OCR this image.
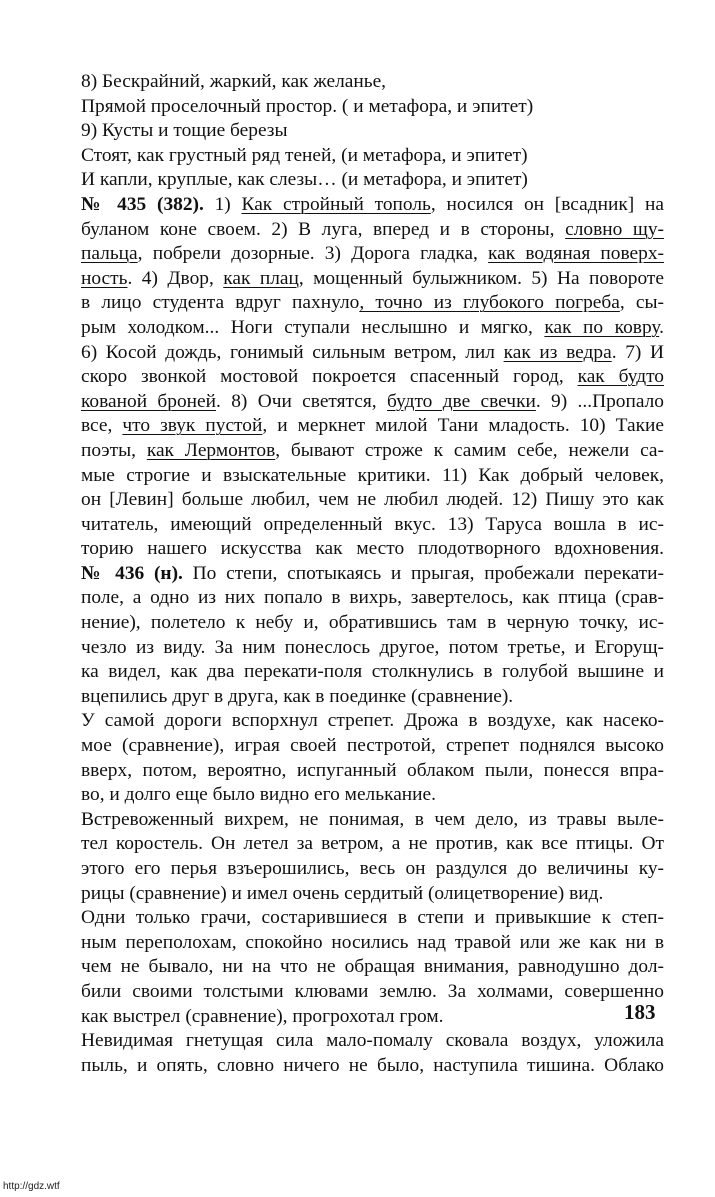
8) Бескрайний, жаркий, как желанье,
Прямой проселочный простор. ( и метафора, и эпитет)
9) Кусты и тощие березы
Стоят, как грустный ряд теней, (и метафора, и эпитет)
И капли, круплые, как слезы… (и метафора, и эпитет)
№ 435 (382). 1) Как стройный тополь, носился он [всадник] на
буланом коне своем. 2) В луга, вперед и в стороны, словно щу-
пальца, побрели дозорные. 3) Дорога гладка, как водяная поверх-
ность. 4) Двор, как плац, мощенный булыжником. 5) На повороте
в лицо студента вдруг пахнуло, точно из глубокого погреба, сы-
рым холодком... Ноги ступали неслышно и мягко, как по ковру.
6) Косой дождь, гонимый сильным ветром, лил как из ведра. 7) И
скоро звонкой мостовой покроется спасенный город, как будто
кованой броней. 8) Очи светятся, будто две свечки. 9) ...Пропало
все, что звук пустой, и меркнет милой Тани младость. 10) Такие
поэты, как Лермонтов, бывают строже к самим себе, нежели са-
мые строгие и взыскательные критики. 11) Как добрый человек,
он [Левин] больше любил, чем не любил людей. 12) Пишу это как
читатель, имеющий определенный вкус. 13) Таруса вошла в ис-
торию нашего искусства как место плодотворного вдохновения.
№ 436 (н). По степи, спотыкаясь и прыгая, пробежали перекати-
поле, а одно из них попало в вихрь, завертелось, как птица (срав-
нение), полетело к небу и, обратившись там в черную точку, ис-
чезло из виду. За ним понеслось другое, потом третье, и Егорущ-
ка видел, как два перекати-поля столкнулись в голубой вышине и
вцепились друг в друга, как в поединке (сравнение).
У самой дороги вспорхнул стрепет. Дрожа в воздухе, как насеко-
мое (сравнение), играя своей пестротой, стрепет поднялся высоко
вверх, потом, вероятно, испуганный облаком пыли, понесся впра-
во, и долго еще было видно его мелькание.
Встревоженный вихрем, не понимая, в чем дело, из травы выле-
тел коростель. Он летел за ветром, а не против, как все птицы. От
этого его перья взъерошились, весь он раздулся до величины ку-
рицы (сравнение) и имел очень сердитый (олицетворение) вид.
Одни только грачи, состарившиеся в степи и привыкшие к степ-
ным переполохам, спокойно носились над травой или же как ни в
чем не бывало, ни на что не обращая внимания, равнодушно дол-
били своими толстыми клювами землю. За холмами, совершенно
как выстрел (сравнение), прогрохотал гром.
Невидимая гнетущая сила мало-помалу сковала воздух, уложила
пыль, и опять, словно ничего не было, наступила тишина. Облако
183
http://gdz.wtf
